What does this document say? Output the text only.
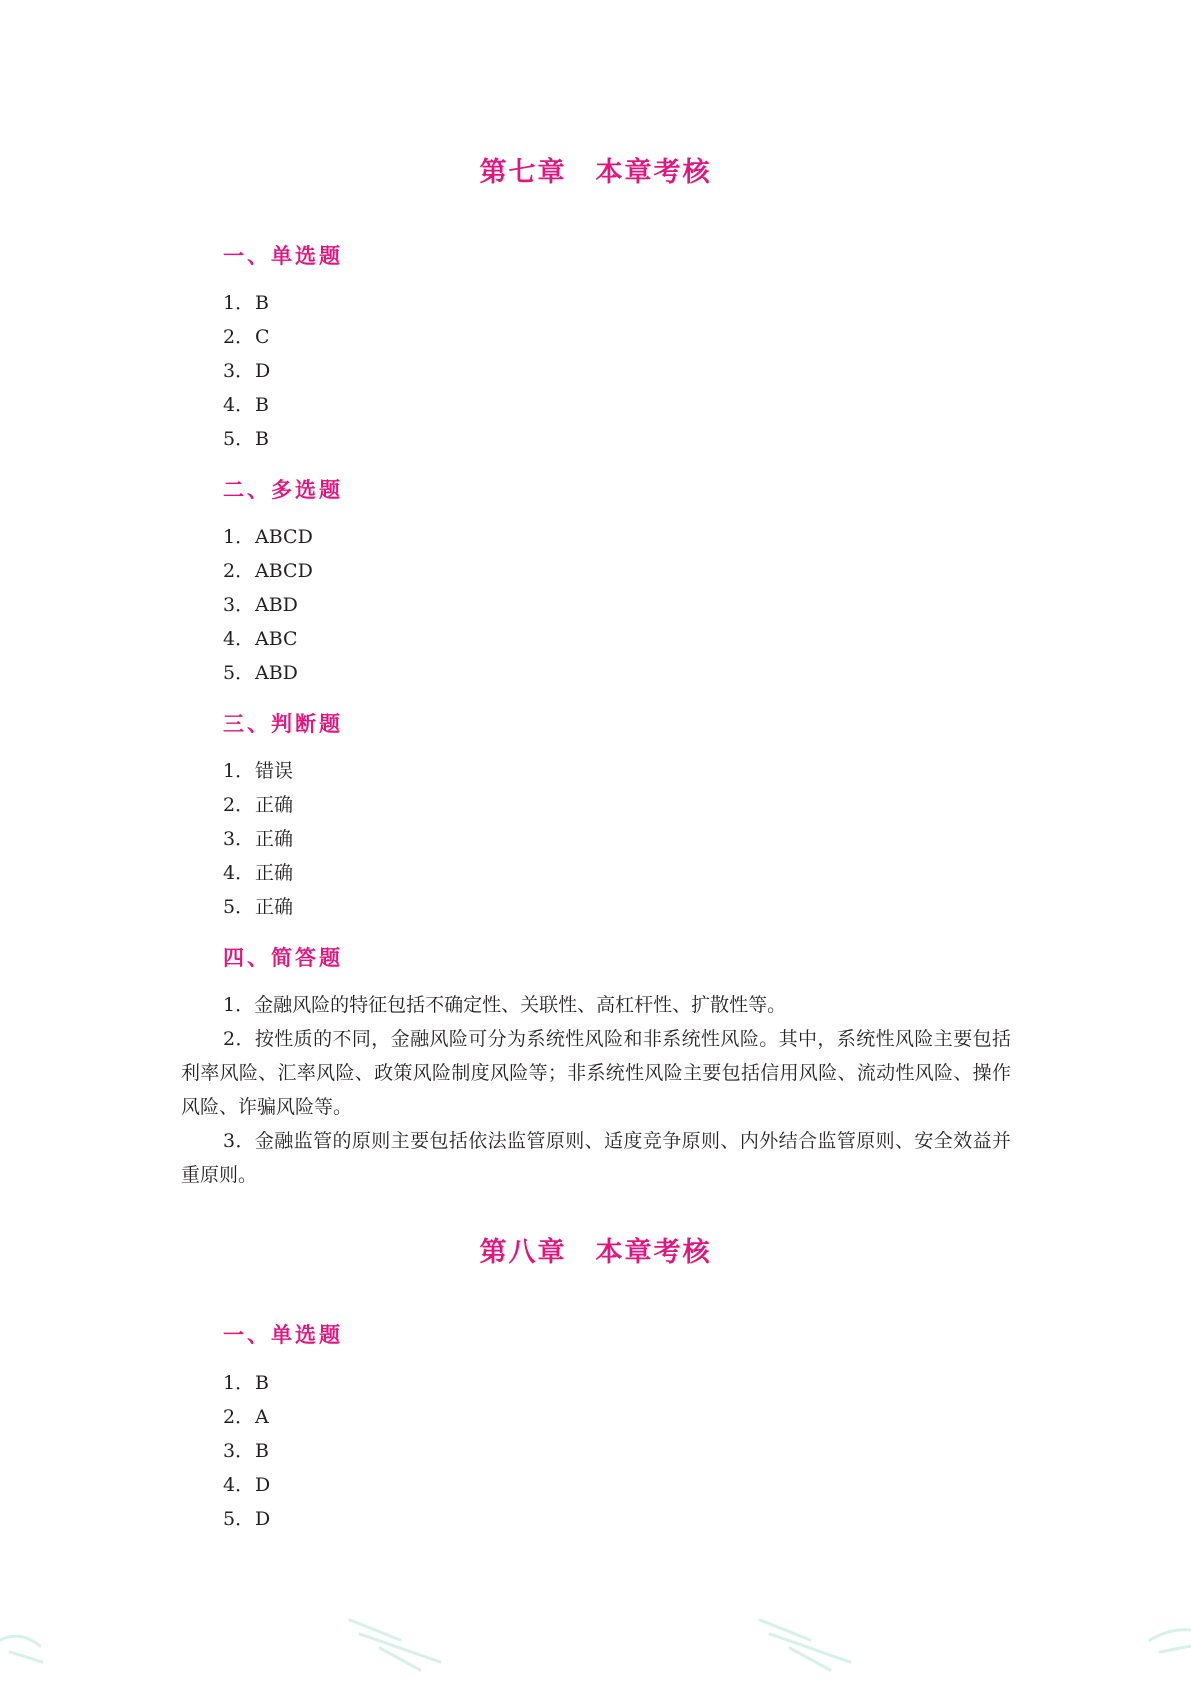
第七章　本章考核
一、单选题

1．B

2．C

3．D

4．B

5．B

二、多选题

1．ABCD

2．ABCD

3．ABD

4．ABC

5．ABD

三、判断题

1．错误

2．正确

3．正确

4．正确

5．正确

四、简答题

1．金融风险的特征包括不确定性、关联性、高杠杆性、扩散性等。

2．按性质的不同，金融风险可分为系统性风险和非系统性风险。其中，系统性风险主要包括利率风险、汇率风险、政策风险制度风险等；非系统性风险主要包括信用风险、流动性风险、操作风险、诈骗风险等。

3．金融监管的原则主要包括依法监管原则、适度竞争原则、内外结合监管原则、安全效益并重原则。

第八章　本章考核
一、单选题

1．B

2．A

3．B

4．D

5．D
